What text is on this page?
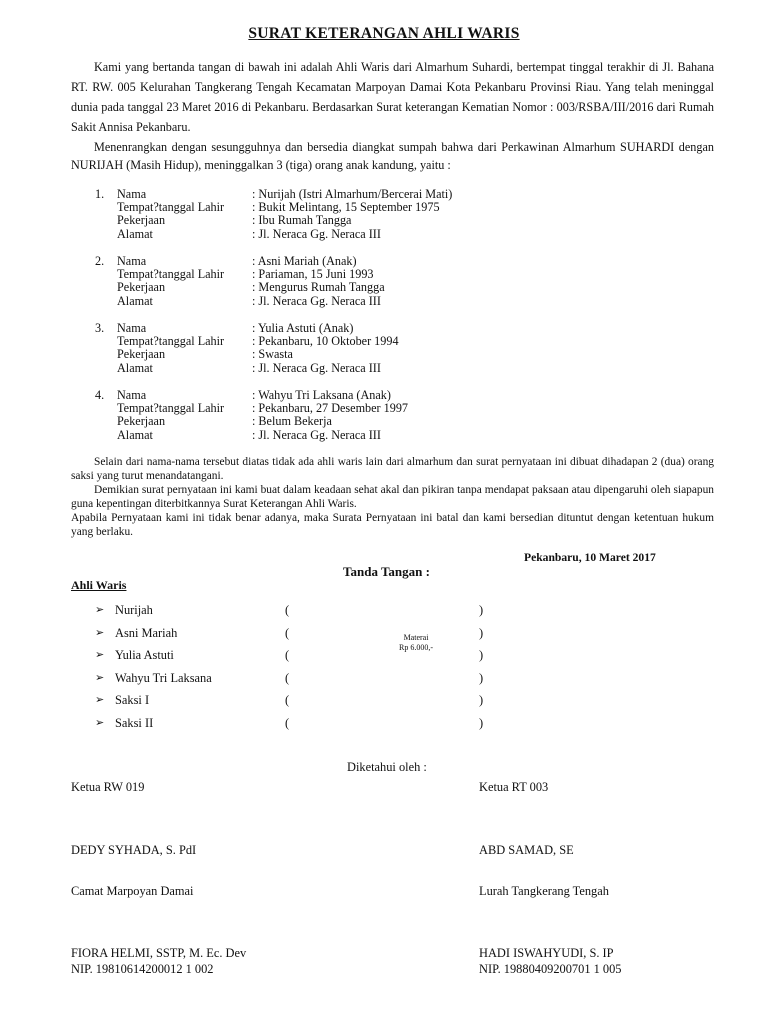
SURAT KETERANGAN AHLI WARIS
Kami yang bertanda tangan di bawah ini adalah Ahli Waris dari Almarhum Suhardi, bertempat tinggal terakhir di Jl. Bahana RT. RW. 005 Kelurahan Tangkerang Tengah Kecamatan Marpoyan Damai Kota Pekanbaru Provinsi Riau. Yang telah meninggal dunia pada tanggal 23 Maret 2016 di Pekanbaru. Berdasarkan Surat keterangan Kematian Nomor : 003/RSBA/III/2016 dari Rumah Sakit Annisa Pekanbaru.
Menenrangkan dengan sesungguhnya dan bersedia diangkat sumpah bahwa dari Perkawinan Almarhum SUHARDI dengan NURIJAH (Masih Hidup), meninggalkan 3 (tiga) orang anak kandung, yaitu :
1. Nama	: Nurijah (Istri Almarhum/Bercerai Mati)
Tempat?tanggal Lahir : Bukit Melintang, 15 September 1975
Pekerjaan	: Ibu Rumah Tangga
Alamat	: Jl. Neraca Gg. Neraca III
2. Nama	: Asni Mariah (Anak)
Tempat?tanggal Lahir : Pariaman, 15 Juni 1993
Pekerjaan	: Mengurus Rumah Tangga
Alamat	: Jl. Neraca Gg. Neraca III
3. Nama	: Yulia Astuti (Anak)
Tempat?tanggal Lahir : Pekanbaru, 10 Oktober 1994
Pekerjaan	: Swasta
Alamat	: Jl. Neraca Gg. Neraca III
4. Nama	: Wahyu Tri Laksana (Anak)
Tempat?tanggal Lahir : Pekanbaru, 27 Desember 1997
Pekerjaan	: Belum Bekerja
Alamat	: Jl. Neraca Gg. Neraca III
Selain dari nama-nama tersebut diatas tidak ada ahli waris lain dari almarhum dan surat pernyataan ini dibuat dihadapan 2 (dua) orang saksi yang turut menandatangani.
Demikian surat pernyataan ini kami buat dalam keadaan sehat akal dan pikiran tanpa mendapat paksaan atau dipengaruhi oleh siapapun guna kepentingan diterbitkannya Surat Keterangan Ahli Waris.
Apabila Pernyataan kami ini tidak benar adanya, maka Surata Pernyataan ini batal dan kami bersedian dituntut dengan ketentuan hukum yang berlaku.
Pekanbaru, 10 Maret 2017
Tanda Tangan :
Ahli Waris
➢ Nurijah	(	)
➢ Asni Mariah	(	)
➢ Yulia Astuti	(	)
➢ Wahyu Tri Laksana	(	)
➢ Saksi I	(	)
➢ Saksi II	(	)
Materai
Rp 6.000,-
Diketahui oleh :
Ketua RW 019	Ketua RT 003
DEDY SYHADA, S. PdI	ABD SAMAD, SE
Camat Marpoyan Damai	Lurah Tangkerang Tengah
FIORA HELMI, SSTP, M. Ec. Dev	HADI ISWAHYUDI, S. IP
NIP. 19810614200012 1 002	NIP. 19880409200701 1 005
